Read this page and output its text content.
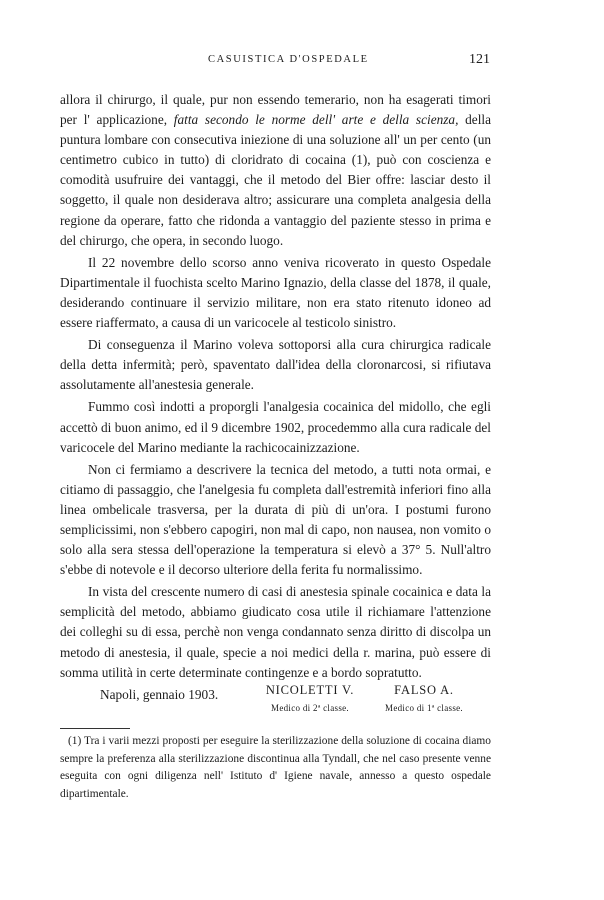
CASUISTICA D'OSPEDALE	121

allora il chirurgo, il quale, pur non essendo temerario, non ha esagerati timori per l' applicazione, fatta secondo le norme dell' arte e della scienza, della puntura lombare con consecutiva iniezione di una soluzione all' un per cento (un centimetro cubico in tutto) di cloridrato di cocaina (1), può con coscienza e comodità usufruire dei vantaggi, che il metodo del Bier offre: lasciar desto il soggetto, il quale non desiderava altro; assicurare una completa analgesia della regione da operare, fatto che ridonda a vantaggio del paziente stesso in prima e del chirurgo, che opera, in secondo luogo.

Il 22 novembre dello scorso anno veniva ricoverato in questo Ospedale Dipartimentale il fuochista scelto Marino Ignazio, della classe del 1878, il quale, desiderando continuare il servizio militare, non era stato ritenuto idoneo ad essere riaffermato, a causa di un varicocele al testicolo sinistro.

Di conseguenza il Marino voleva sottoporsi alla cura chirurgica radicale della detta infermità; però, spaventato dall'idea della cloronarcosi, si rifiutava assolutamente all'anestesia generale.

Fummo così indotti a proporgli l'analgesia cocainica del midollo, che egli accettò di buon animo, ed il 9 dicembre 1902, procedemmo alla cura radicale del varicocele del Marino mediante la rachicocainizzazione.

Non ci fermiamo a descrivere la tecnica del metodo, a tutti nota ormai, e citiamo di passaggio, che l'anelgesia fu completa dall'estremità inferiori fino alla linea ombelicale trasversa, per la durata di più di un'ora. I postumi furono semplicissimi, non s'ebbero capogiri, non mal di capo, non nausea, non vomito o solo alla sera stessa dell'operazione la temperatura si elevò a 37° 5. Null'altro s'ebbe di notevole e il decorso ulteriore della ferita fu normalissimo.

In vista del crescente numero di casi di anestesia spinale cocainica e data la semplicità del metodo, abbiamo giudicato cosa utile il richiamare l'attenzione dei colleghi su di essa, perchè non venga condannato senza diritto di discolpa un metodo di anestesia, il quale, specie a noi medici della r. marina, può essere di somma utilità in certe determinate contingenze e a bordo sopratutto.

Napoli, gennaio 1903.	NICOLETTI V.
Medico di 2ª classe.
FALSO A.
Medico di 1ª classe.

(1) Tra i varii mezzi proposti per eseguire la sterilizzazione della soluzione di cocaina diamo sempre la preferenza alla sterilizzazione discontinua alla Tyndall, che nel caso presente venne eseguita con ogni diligenza nell' Istituto d' Igiene navale, annesso a questo ospedale dipartimentale.
